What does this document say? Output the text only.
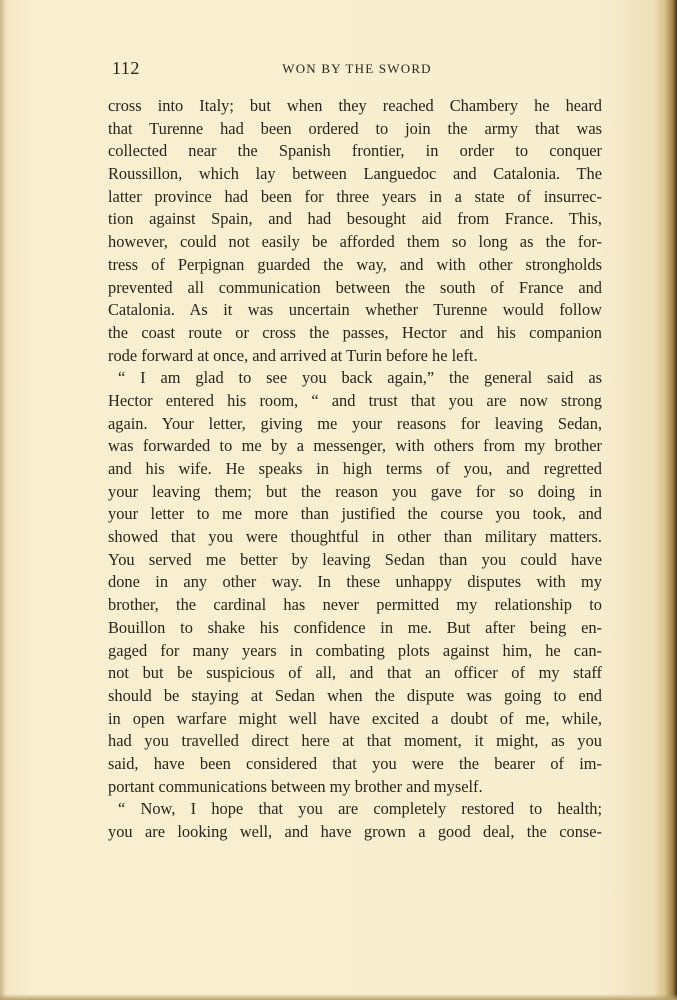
112	WON BY THE SWORD
cross into Italy; but when they reached Chambery he heard
that Turenne had been ordered to join the army that was
collected near the Spanish frontier, in order to conquer
Roussillon, which lay between Languedoc and Catalonia. The
latter province had been for three years in a state of insurrec-
tion against Spain, and had besought aid from France. This,
however, could not easily be afforded them so long as the for-
tress of Perpignan guarded the way, and with other strongholds
prevented all communication between the south of France and
Catalonia. As it was uncertain whether Turenne would follow
the coast route or cross the passes, Hector and his companion
rode forward at once, and arrived at Turin before he left.
“ I am glad to see you back again,” the general said as
Hector entered his room, “ and trust that you are now strong
again. Your letter, giving me your reasons for leaving Sedan,
was forwarded to me by a messenger, with others from my brother
and his wife. He speaks in high terms of you, and regretted
your leaving them; but the reason you gave for so doing in
your letter to me more than justified the course you took, and
showed that you were thoughtful in other than military matters.
You served me better by leaving Sedan than you could have
done in any other way. In these unhappy disputes with my
brother, the cardinal has never permitted my relationship to
Bouillon to shake his confidence in me. But after being en-
gaged for many years in combating plots against him, he can-
not but be suspicious of all, and that an officer of my staff
should be staying at Sedan when the dispute was going to end
in open warfare might well have excited a doubt of me, while,
had you travelled direct here at that moment, it might, as you
said, have been considered that you were the bearer of im-
portant communications between my brother and myself.
“ Now, I hope that you are completely restored to health;
you are looking well, and have grown a good deal, the conse-
